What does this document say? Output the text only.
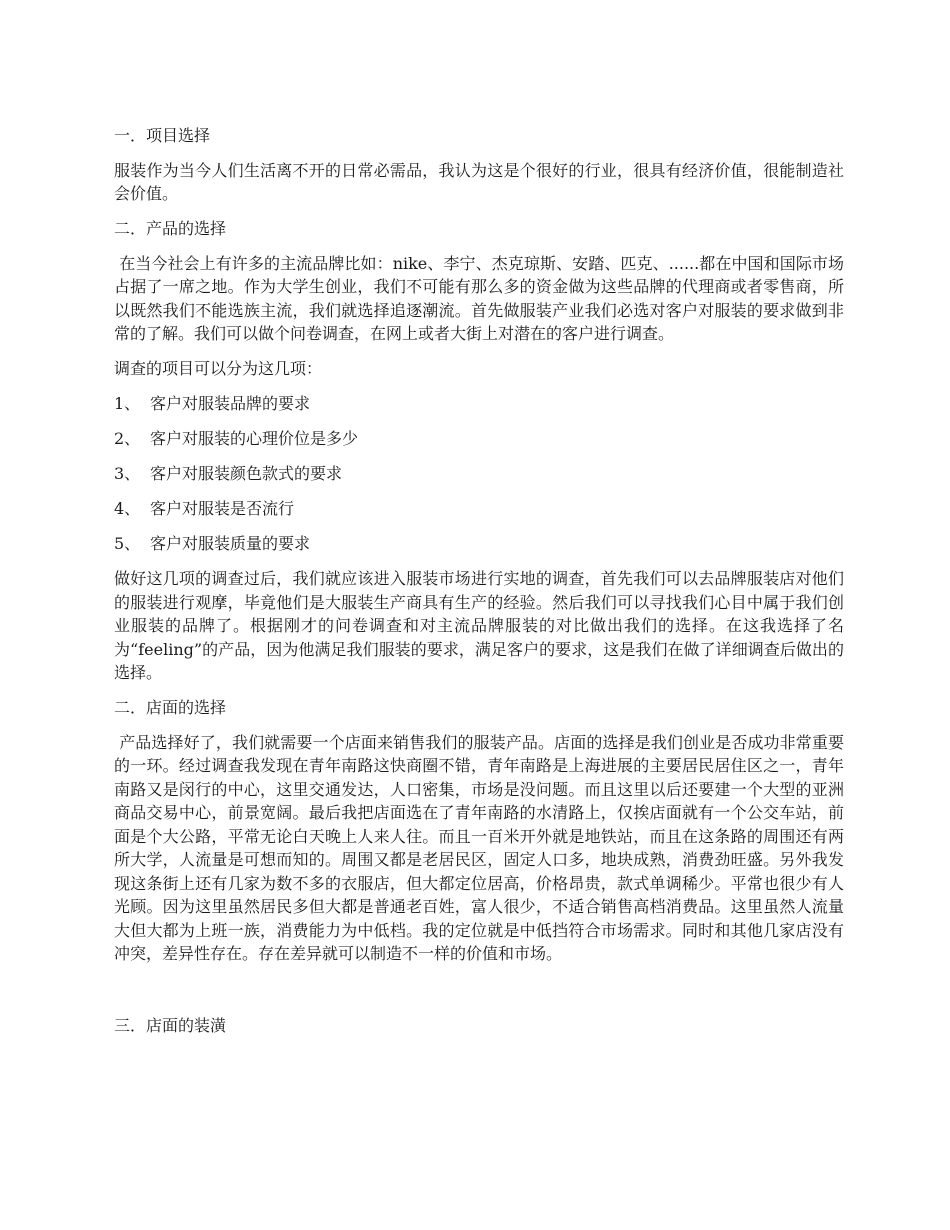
一．项目选择

服装作为当今人们生活离不开的日常必需品，我认为这是个很好的行业，很具有经济价值，很能制造社会价值。

二．产品的选择

在当今社会上有许多的主流品牌比如：nike、李宁、杰克琼斯、安踏、匹克、......都在中国和国际市场占据了一席之地。作为大学生创业，我们不可能有那么多的资金做为这些品牌的代理商或者零售商，所以既然我们不能选族主流，我们就选择追逐潮流。首先做服装产业我们必选对客户对服装的要求做到非常的了解。我们可以做个问卷调查，在网上或者大街上对潜在的客户进行调查。

调查的项目可以分为这几项：

1、 客户对服装品牌的要求
2、 客户对服装的心理价位是多少
3、 客户对服装颜色款式的要求
4、 客户对服装是否流行
5、 客户对服装质量的要求

做好这几项的调查过后，我们就应该进入服装市场进行实地的调查，首先我们可以去品牌服装店对他们的服装进行观摩，毕竟他们是大服装生产商具有生产的经验。然后我们可以寻找我们心目中属于我们创业服装的品牌了。根据刚才的问卷调查和对主流品牌服装的对比做出我们的选择。在这我选择了名为“feeling”的产品，因为他满足我们服装的要求，满足客户的要求，这是我们在做了详细调查后做出的选择。

二．店面的选择

产品选择好了，我们就需要一个店面来销售我们的服装产品。店面的选择是我们创业是否成功非常重要的一环。经过调查我发现在青年南路这快商圈不错，青年南路是上海进展的主要居民居住区之一，青年南路又是闵行的中心，这里交通发达，人口密集，市场是没问题。而且这里以后还要建一个大型的亚洲商品交易中心，前景宽阔。最后我把店面选在了青年南路的水清路上，仅挨店面就有一个公交车站，前面是个大公路，平常无论白天晚上人来人往。而且一百米开外就是地铁站，而且在这条路的周围还有两所大学，人流量是可想而知的。周围又都是老居民区，固定人口多，地块成熟，消费劲旺盛。另外我发现这条街上还有几家为数不多的衣服店，但大都定位居高，价格昂贵，款式单调稀少。平常也很少有人光顾。因为这里虽然居民多但大都是普通老百姓，富人很少，不适合销售高档消费品。这里虽然人流量大但大都为上班一族，消费能力为中低档。我的定位就是中低挡符合市场需求。同时和其他几家店没有冲突，差异性存在。存在差异就可以制造不一样的价值和市场。

三．店面的装潢
